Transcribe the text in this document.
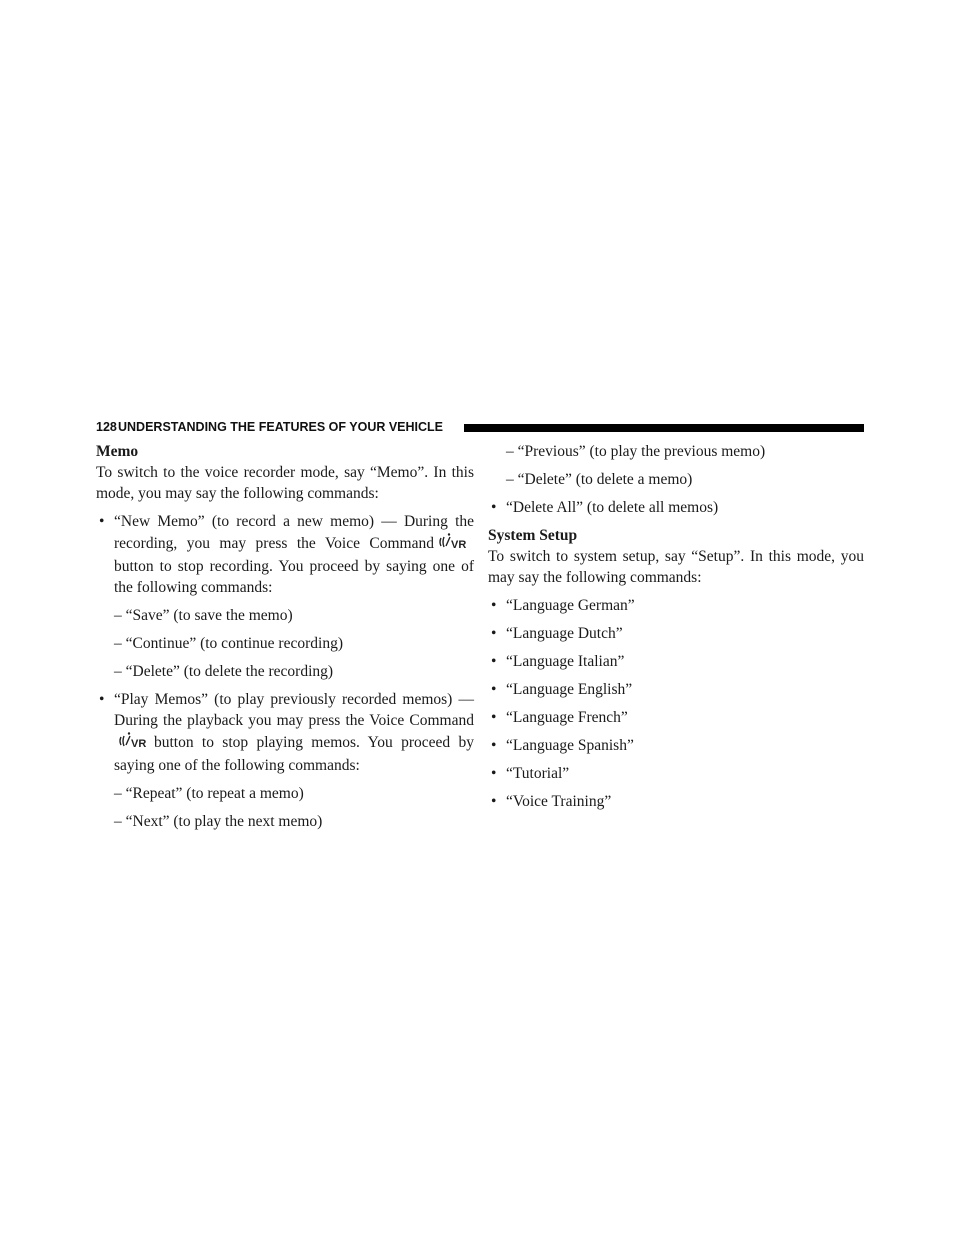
128 UNDERSTANDING THE FEATURES OF YOUR VEHICLE

Memo

To switch to the voice recorder mode, say “Memo”. In this mode, you may say the following commands:

• “New Memo” (to record a new memo) — During the recording, you may press the Voice Command VR
button to stop recording. You proceed by saying one of the following commands:

– “Save” (to save the memo)

– “Continue” (to continue recording)

– “Delete” (to delete the recording)

• “Play Memos” (to play previously recorded memos) — During the playback you may press the Voice Command
VR button to stop playing memos. You proceed by saying one of the following commands:

– “Repeat” (to repeat a memo)

– “Next” (to play the next memo)

– “Previous” (to play the previous memo)

– “Delete” (to delete a memo)

• “Delete All” (to delete all memos)

System Setup

To switch to system setup, say “Setup”. In this mode, you may say the following commands:

• “Language German”
• “Language Dutch”
• “Language Italian”
• “Language English”
• “Language French”
• “Language Spanish”
• “Tutorial”
• “Voice Training”
